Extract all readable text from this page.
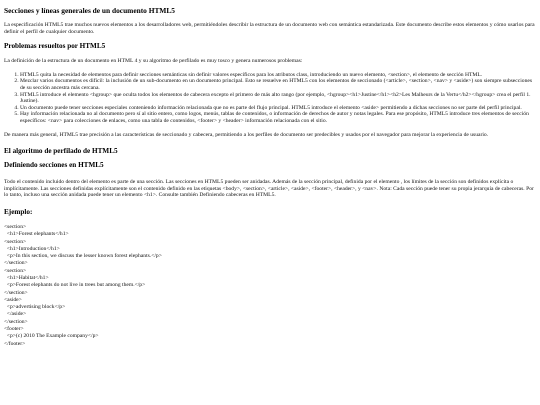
Secciones y líneas generales de un documento HTML5

La especificación HTML5 trae muchos nuevos elementos a los desarrolladores web, permitiéndoles describir la estructura de un documento web con semántica estandarizada. Este documento describe estos elementos y cómo usarlos para definir el perfil de cualquier documento.

Problemas resueltos por HTML5

La definición de la estructura de un documento en HTML 4 y su algoritmo de perfilado es muy tosco y genera numerosos problemas:

1. HTML5 quita la necesidad de elementos para definir secciones semánticas sin definir valores específicos para los atributos class, introduciendo un nuevo elemento, <section>, el elemento de sección HTML.
2. Mezclar varios documentos es difícil: la inclusión de un sub-documento en un documento principal. Esto se resuelve en HTML5 con los elementos de seccionado (<article>, <section>, <nav> y <aside>) son siempre subsecciones de su sección ancestra más cercana.
3. HTML5 introduce el elemento <hgroup> que oculta todos los elementos de cabecera excepto el primero de más alto rango (por ejemplo, <hgroup><h1>Justine</h1><h2>Les Malheurs de la Vertu</h2></hgroup> crea el perfil 1. Justine).
4. Un documento puede tener secciones especiales conteniendo información relacionada que no es parte del flujo principal. HTML5 introduce el elemento <aside> permitiendo a dichas secciones no ser parte del perfil principal.
5. Hay información relacionada no al documento pero sí al sitio entero, como logos, menús, tablas de contenidos, o información de derechos de autor y notas legales. Para ese propósito, HTML5 introduce tres elementos de sección específicos: <nav> para colecciones de enlaces, como una tabla de contenidos, <footer> y <header> información relacionada con el sitio.

De manera más general, HTML5 trae precisión a las características de seccionado y cabecera, permitiendo a los perfiles de documento ser predecibles y usados por el navegador para mejorar la experiencia de usuario.

El algoritmo de perfilado de HTML5
Definiendo secciones en HTML5

Todo el contenido incluido dentro del elemento es parte de una sección. Las secciones en HTML5 pueden ser anidadas. Además de la sección principal, definida por el elemento , los límites de la sección son definidos explícita o implícitamente. Las secciones definidas explícitamente son el contenido definido en las etiquetas <body>, <section>, <article>, <aside>, <footer>, <header>, y <nav>. Nota: Cada sección puede tener su propia jerarquía de cabeceras. Por lo tanto, incluso una sección anidada puede tener un elemento <h1>. Consulte también Definiendo cabeceras en HTML5.

Ejemplo:
<section>
<h1>Forest elephants</h1>
<section>
<h1>Introduction</h1>
<p>In this section, we discuss the lesser known forest elephants.</p>
</section>
<section>
<h1>Habitat</h1>
<p>Forest elephants do not live in trees but among them.</p>
</section>
<aside>
<p>advertising block</p>
</aside>
</section>
<footer>
<p>(c) 2010 The Example company</p>
</footer>
